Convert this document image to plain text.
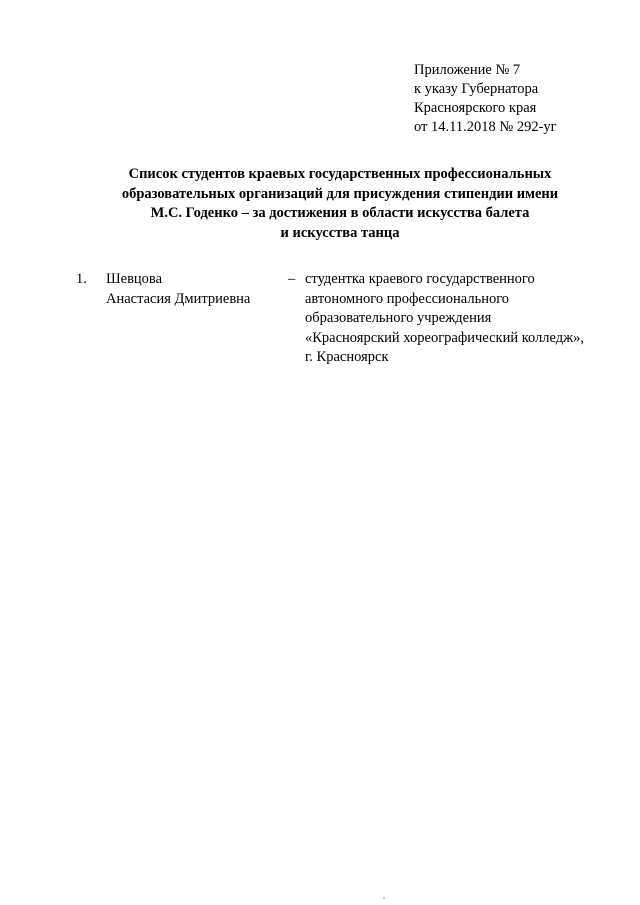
Приложение № 7
к указу Губернатора
Красноярского края
от 14.11.2018 № 292-уг
Список студентов краевых государственных профессиональных
образовательных организаций для присуждения стипендии имени
М.С. Годенко – за достижения в области искусства балета
и искусства танца
1. Шевцова
Анастасия Дмитриевна
– студентка краевого государственного
автономного профессионального
образовательного учреждения
«Красноярский хореографический колледж»,
г. Красноярск
